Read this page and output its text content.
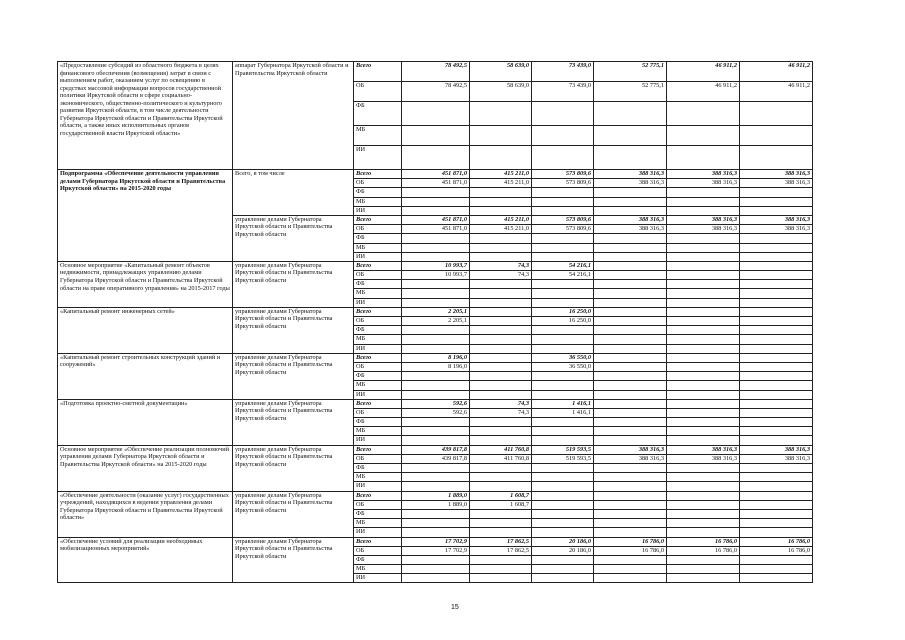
«Предоставление субсидий из областного бюджета в целях финансового обеспечения (возмещения) затрат в связи с выполнением работ, оказанием услуг по освещению в средствах массовой информации вопросов государственной политики Иркутской области в сфере социально-экономического, общественно-политического и культурного развития Иркутской области, в том числе деятельности Губернатора Иркутской области и Правительства Иркутской области, а также иных исполнительных органов государственной власти Иркутской области»	аппарат Губернатора Иркутской области и Правительства Иркутской области	Всего	78 492,5	58 639,0	73 439,0	52 775,1	46 911,2	46 911,2
		ОБ	78 492,5	58 639,0	73 439,0	52 775,1	46 911,2	46 911,2
		ФБ						
		МБ						
		ИИ						
Подпрограмма «Обеспечение деятельности управления делами Губернатора Иркутской области и Правительства Иркутской области» на 2015-2020 годы	Всего, в том числе	Всего	451 871,0	415 211,0	573 809,6	388 316,3	388 316,3	388 316,3
		ОБ	451 871,0	415 211,0	573 809,6	388 316,3	388 316,3	388 316,3
		ФБ						
		МБ						
		ИИ						
	управление делами Губернатора Иркутской области и Правительства Иркутской области	Всего	451 871,0	415 211,0	573 809,6	388 316,3	388 316,3	388 316,3
		ОБ	451 871,0	415 211,0	573 809,6	388 316,3	388 316,3	388 316,3
		ФБ						
		МБ						
		ИИ						
Основное мероприятие «Капитальный ремонт объектов недвижимости, принадлежащих управлению делами Губернатора Иркутской области и Правительства Иркутской области на праве оперативного управления» на 2015-2017 годы	управление делами Губернатора Иркутской области и Правительства Иркутской области	Всего	10 993,7	74,3	54 216,1			
		ОБ	10 993,7	74,3	54 216,1			
		ФБ						
		МБ						
		ИИ						
«Капитальный ремонт инженерных сетей»	управление делами Губернатора Иркутской области и Правительства Иркутской области	Всего	2 205,1		16 250,0			
		ОБ	2 205,1		16 250,0			
		ФБ						
		МБ						
		ИИ						
«Капитальный ремонт строительных конструкций зданий и сооружений»	управление делами Губернатора Иркутской области и Правительства Иркутской области	Всего	8 196,0		36 550,0			
		ОБ	8 196,0		36 550,0			
		ФБ						
		МБ						
		ИИ						
«Подготовка проектно-сметной документации»	управление делами Губернатора Иркутской области и Правительства Иркутской области	Всего	592,6	74,3	1 416,1			
		ОБ	592,6	74,3	1 416,1			
		ФБ						
		МБ						
		ИИ						
Основное мероприятие «Обеспечение реализации полномочий управления делами Губернатора Иркутской области и Правительства Иркутской области» на 2015-2020 годы	управление делами Губернатора Иркутской области и Правительства Иркутской области	Всего	439 817,8	411 760,8	519 593,5	388 316,3	388 316,3	388 316,3
		ОБ	439 817,8	411 760,8	519 593,5	388 316,3	388 316,3	388 316,3
		ФБ						
		МБ						
		ИИ						
«Обеспечение деятельности (оказание услуг) государственных учреждений, находящихся в ведении управления делами Губернатора Иркутской области и Правительства Иркутской области»	управление делами Губернатора Иркутской области и Правительства Иркутской области	Всего	1 889,0	1 608,7				
		ОБ	1 889,0	1 608,7				
		ФБ						
		МБ						
		ИИ						
«Обеспечение условий для реализации необходимых мобилизационных мероприятий»	управление делами Губернатора Иркутской области и Правительства Иркутской области	Всего	17 702,9	17 862,5	20 186,0	16 786,0	16 786,0	16 786,0
		ОБ	17 702,9	17 862,5	20 186,0	16 786,0	16 786,0	16 786,0
		ФБ						
		МБ						
		ИИ						
15
